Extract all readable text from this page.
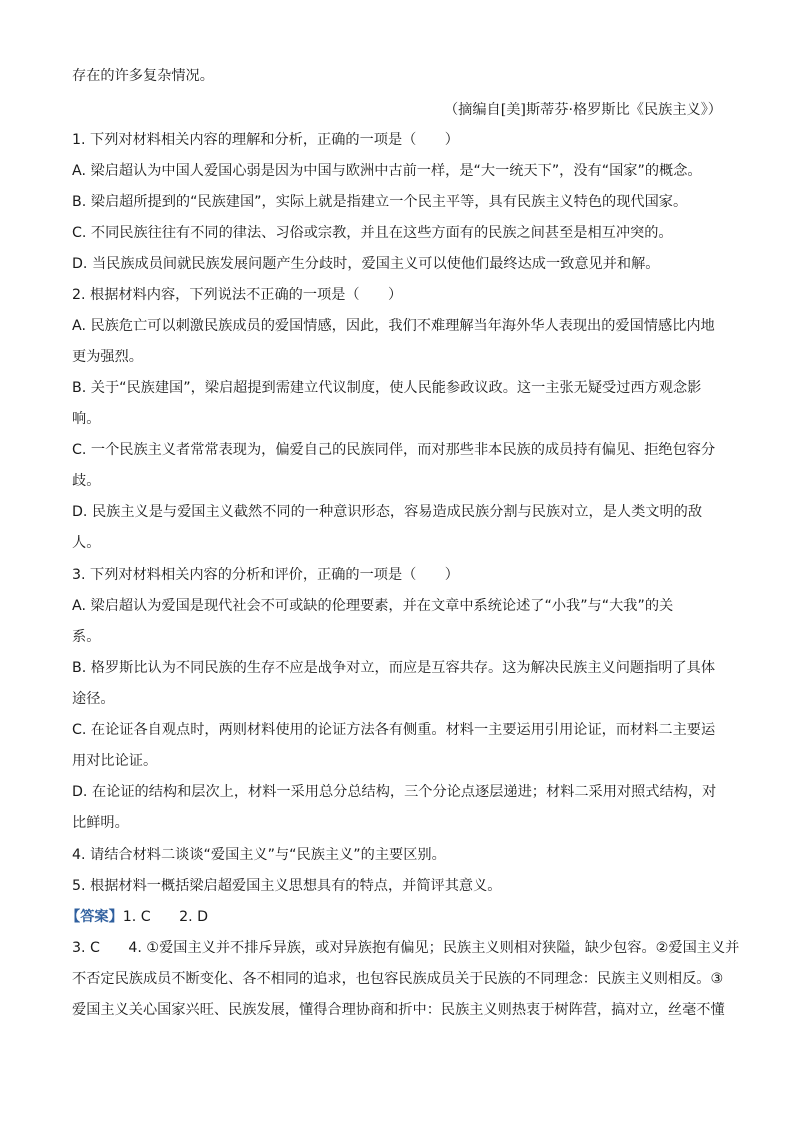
存在的许多复杂情况。
（摘编自[美]斯蒂芬·格罗斯比《民族主义》）
1. 下列对材料相关内容的理解和分析，正确的一项是（　　）
A. 梁启超认为中国人爱国心弱是因为中国与欧洲中古前一样，是“大一统天下”，没有“国家”的概念。
B. 梁启超所提到的“民族建国”，实际上就是指建立一个民主平等，具有民族主义特色的现代国家。
C. 不同民族往往有不同的律法、习俗或宗教，并且在这些方面有的民族之间甚至是相互冲突的。
D. 当民族成员间就民族发展问题产生分歧时，爱国主义可以使他们最终达成一致意见并和解。
2. 根据材料内容，下列说法不正确的一项是（　　）
A. 民族危亡可以刺激民族成员的爱国情感，因此，我们不难理解当年海外华人表现出的爱国情感比内地
更为强烈。
B. 关于“民族建国”，梁启超提到需建立代议制度，使人民能参政议政。这一主张无疑受过西方观念影
响。
C. 一个民族主义者常常表现为，偏爱自己的民族同伴，而对那些非本民族的成员持有偏见、拒绝包容分
歧。
D. 民族主义是与爱国主义截然不同的一种意识形态，容易造成民族分割与民族对立，是人类文明的敌
人。
3. 下列对材料相关内容的分析和评价，正确的一项是（　　）
A. 梁启超认为爱国是现代社会不可或缺的伦理要素，并在文章中系统论述了“小我”与“大我”的关
系。
B. 格罗斯比认为不同民族的生存不应是战争对立，而应是互容共存。这为解决民族主义问题指明了具体
途径。
C. 在论证各自观点时，两则材料使用的论证方法各有侧重。材料一主要运用引用论证，而材料二主要运
用对比论证。
D. 在论证的结构和层次上，材料一采用总分总结构，三个分论点逐层递进；材料二采用对照式结构，对
比鲜明。
4. 请结合材料二谈谈“爱国主义”与“民族主义”的主要区别。
5. 根据材料一概括梁启超爱国主义思想具有的特点，并简评其意义。
【答案】1. C　　2. D
3. C　　4. ①爱国主义并不排斥异族，或对异族抱有偏见；民族主义则相对狭隘，缺少包容。②爱国主义并
不否定民族成员不断变化、各不相同的追求，也包容民族成员关于民族的不同理念：民族主义则相反。③
爱国主义关心国家兴旺、民族发展，懂得合理协商和折中：民族主义则热衷于树阵营，搞对立，丝毫不懂
